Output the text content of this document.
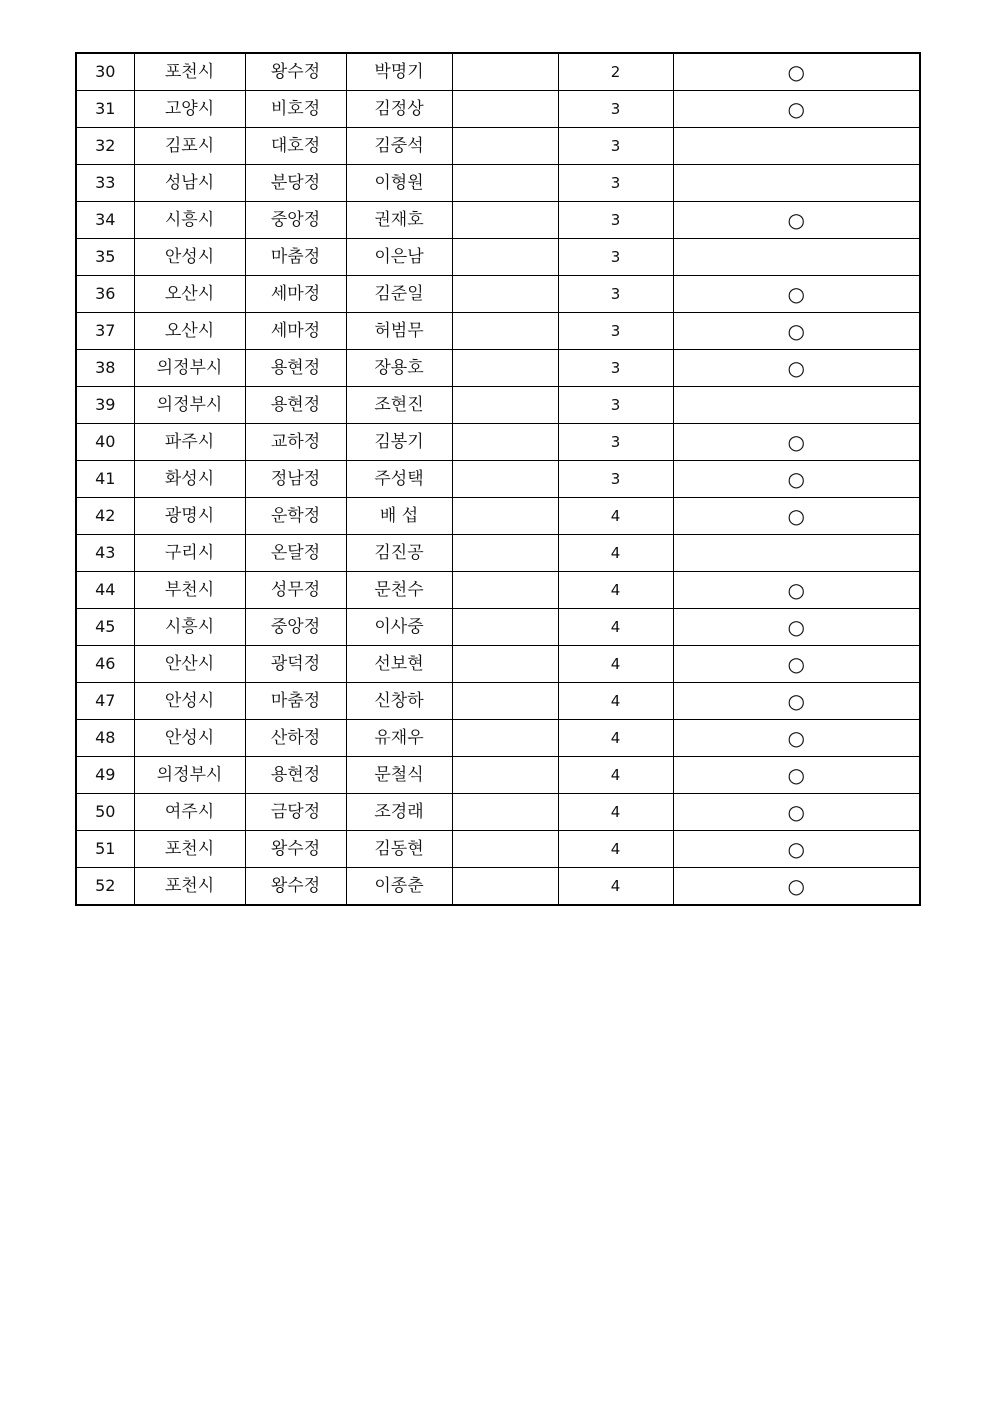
30	포천시	왕수정	박명기		2	○
31	고양시	비호정	김정상		3	○
32	김포시	대호정	김중석		3	
33	성남시	분당정	이형원		3	
34	시흥시	중앙정	권재호		3	○
35	안성시	마춤정	이은남		3	
36	오산시	세마정	김준일		3	○
37	오산시	세마정	허범무		3	○
38	의정부시	용현정	장용호		3	○
39	의정부시	용현정	조현진		3	
40	파주시	교하정	김봉기		3	○
41	화성시	정남정	주성택		3	○
42	광명시	운학정	배 섭		4	○
43	구리시	온달정	김진공		4	
44	부천시	성무정	문천수		4	○
45	시흥시	중앙정	이사중		4	○
46	안산시	광덕정	선보현		4	○
47	안성시	마춤정	신창하		4	○
48	안성시	산하정	유재우		4	○
49	의정부시	용현정	문철식		4	○
50	여주시	금당정	조경래		4	○
51	포천시	왕수정	김동현		4	○
52	포천시	왕수정	이종춘		4	○
